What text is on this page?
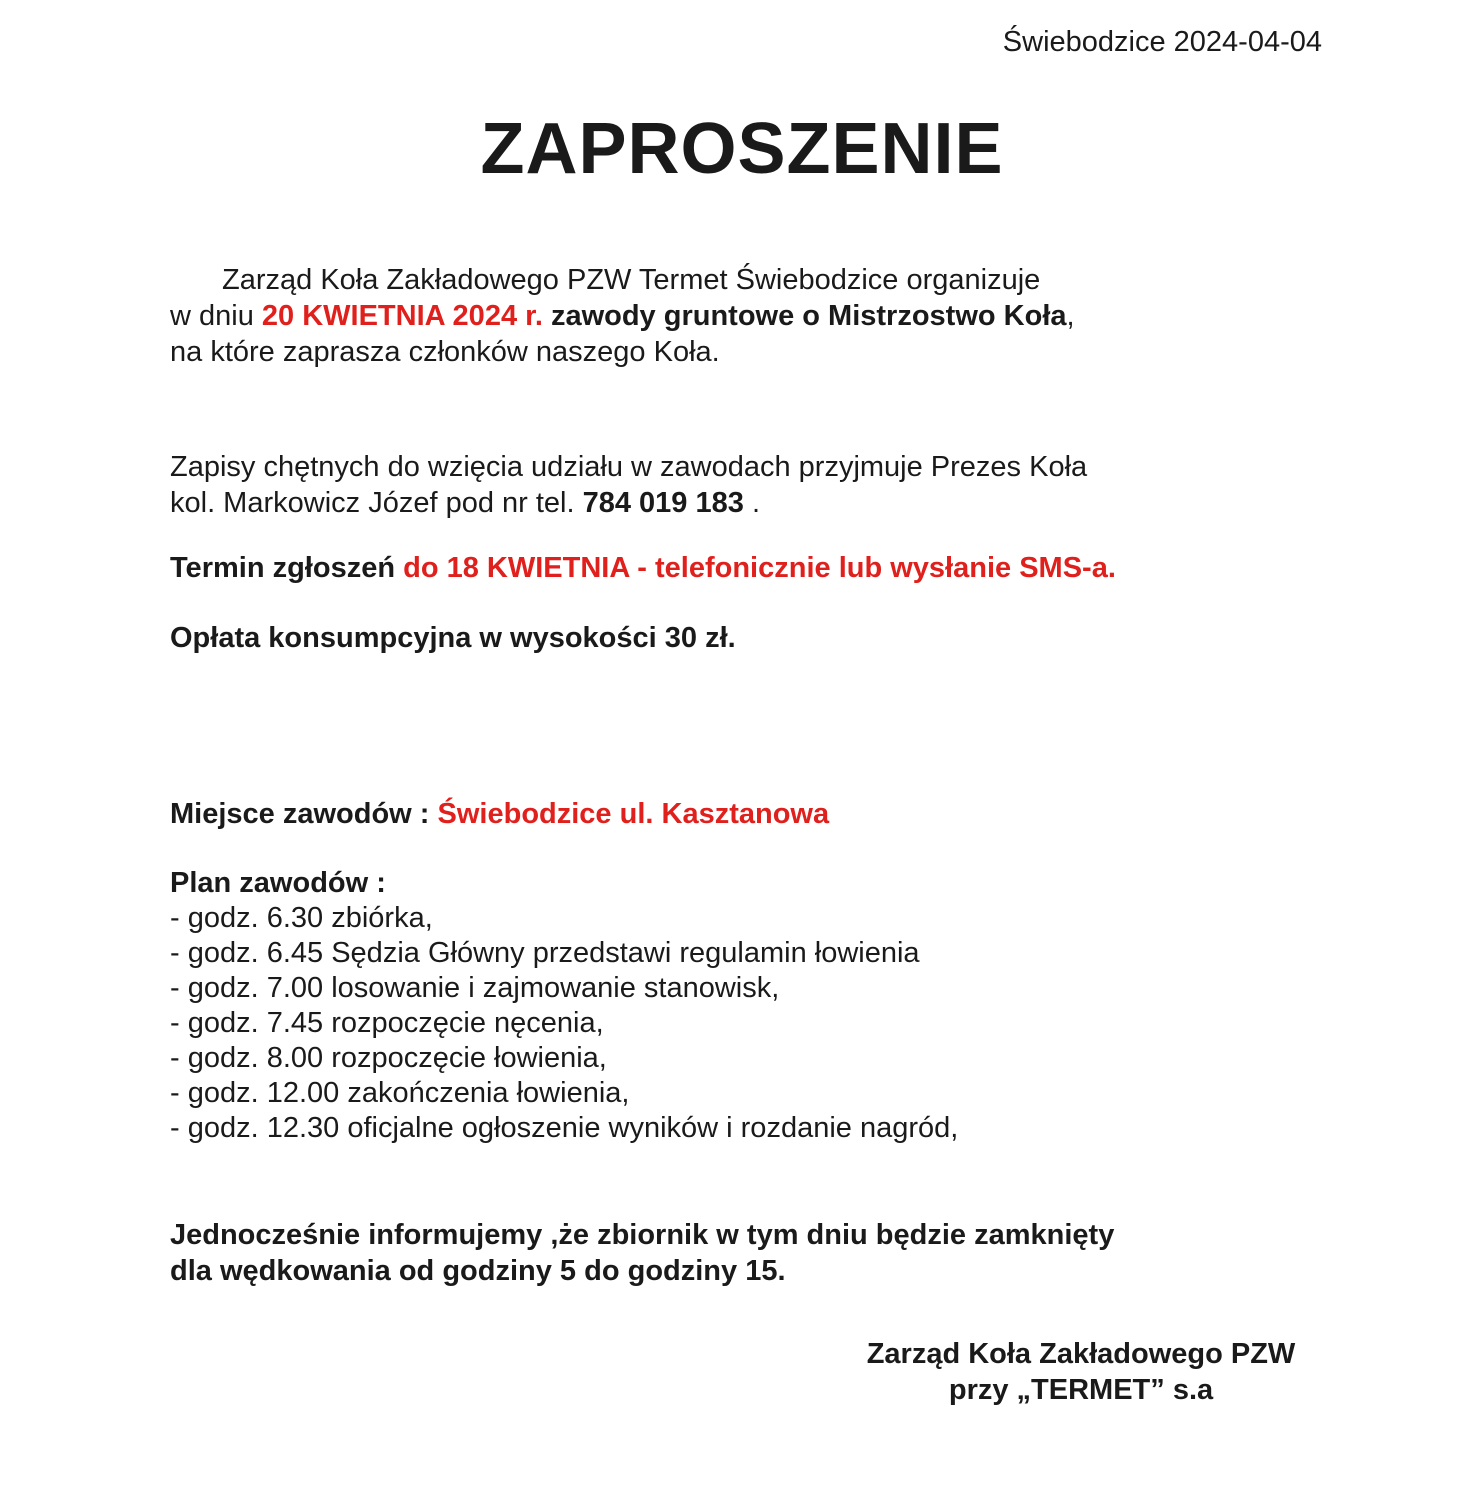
Świebodzice 2024-04-04
ZAPROSZENIE
Zarząd Koła Zakładowego PZW Termet Świebodzice organizuje
w dniu 20 KWIETNIA 2024 r. zawody gruntowe o Mistrzostwo Koła,
na które zaprasza członków naszego Koła.
Zapisy chętnych do wzięcia udziału w zawodach przyjmuje Prezes Koła
kol. Markowicz Józef pod nr tel. 784 019 183 .
Termin zgłoszeń do 18 KWIETNIA - telefonicznie lub wysłanie SMS-a.
Opłata konsumpcyjna w wysokości 30 zł.
Miejsce zawodów : Świebodzice ul. Kasztanowa
Plan zawodów :
- godz. 6.30 zbiórka,
- godz. 6.45 Sędzia Główny przedstawi regulamin łowienia
- godz. 7.00 losowanie i zajmowanie stanowisk,
- godz. 7.45 rozpoczęcie nęcenia,
- godz. 8.00 rozpoczęcie łowienia,
- godz. 12.00 zakończenia łowienia,
- godz. 12.30 oficjalne ogłoszenie wyników i rozdanie nagród,
Jednocześnie informujemy ,że zbiornik w tym dniu będzie zamknięty
dla wędkowania od godziny 5 do godziny 15.
Zarząd Koła Zakładowego PZW
przy „TERMET” s.a
